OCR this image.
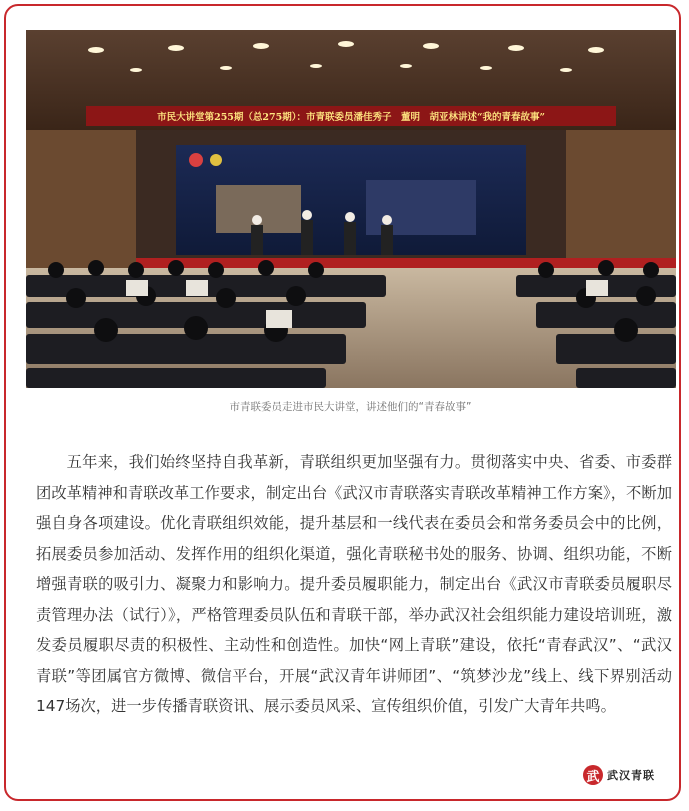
市民大讲堂第255期（总275期）：市青联委员潘佳秀子　董明　胡亚林讲述“我的青春故事”
市青联委员走进市民大讲堂，讲述他们的“青春故事”

五年来，我们始终坚持自我革新，青联组织更加坚强有力。贯彻落实中央、省委、市委群团改革精神和青联改革工作要求，制定出台《武汉市青联落实青联改革精神工作方案》，不断加强自身各项建设。优化青联组织效能，提升基层和一线代表在委员会和常务委员会中的比例，拓展委员参加活动、发挥作用的组织化渠道，强化青联秘书处的服务、协调、组织功能，不断增强青联的吸引力、凝聚力和影响力。提升委员履职能力，制定出台《武汉市青联委员履职尽责管理办法（试行）》，严格管理委员队伍和青联干部，举办武汉社会组织能力建设培训班，激发委员履职尽责的积极性、主动性和创造性。加快“网上青联”建设，依托“青春武汉”、“武汉青联”等团属官方微博、微信平台，开展“武汉青年讲师团”、“筑梦沙龙”线上、线下界别活动147场次，进一步传播青联资讯、展示委员风采、宣传组织价值，引发广大青年共鸣。

武 武汉青联
